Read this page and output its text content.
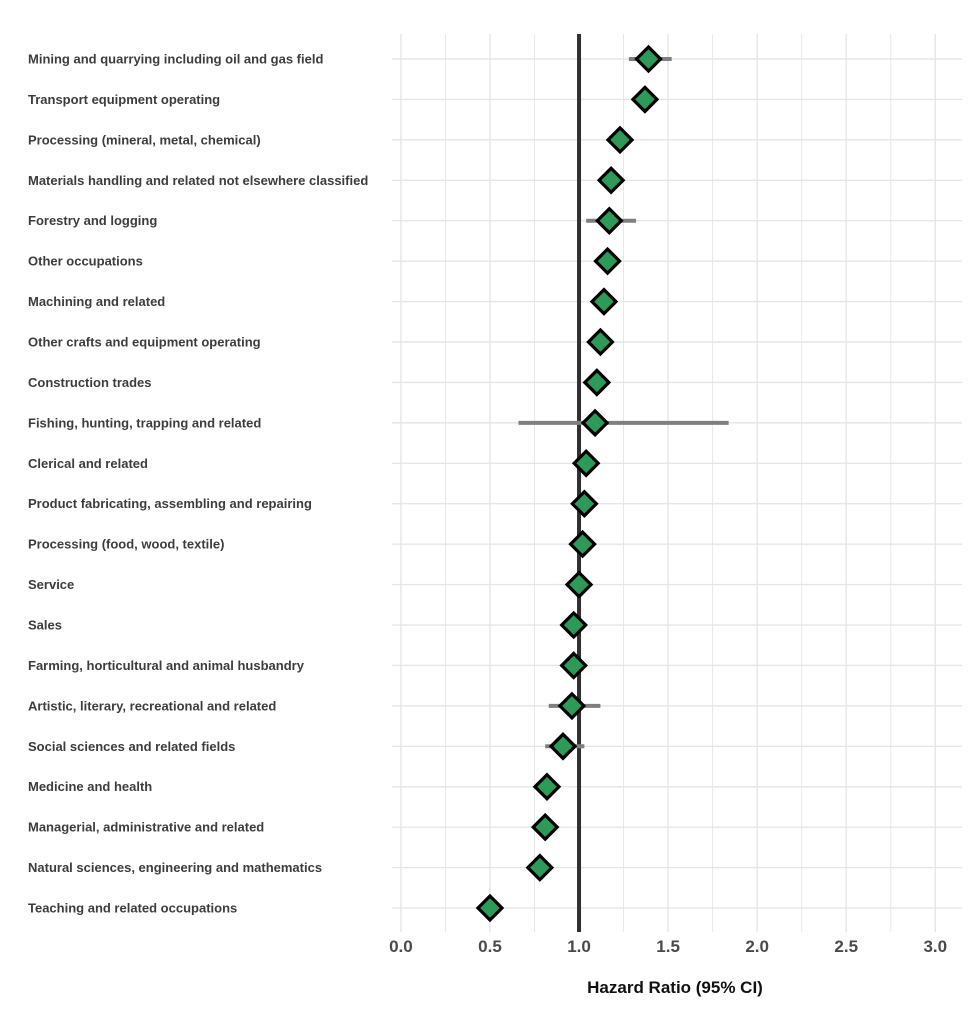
Mining and quarrying including oil and gas field
Transport equipment operating
Processing (mineral, metal, chemical)
Materials handling and related not elsewhere classified
Forestry and logging
Other occupations
Machining and related
Other crafts and equipment operating
Construction trades
Fishing, hunting, trapping and related
Clerical and related
Product fabricating, assembling and repairing
Processing (food, wood, textile)
Service
Sales
Farming, horticultural and animal husbandry
Artistic, literary, recreational and related
Social sciences and related fields
Medicine and health
Managerial, administrative and related
Natural sciences, engineering and mathematics
Teaching and related occupations
0.0	0.5	1.0	1.5	2.0	2.5	3.0
Hazard Ratio (95% CI)
